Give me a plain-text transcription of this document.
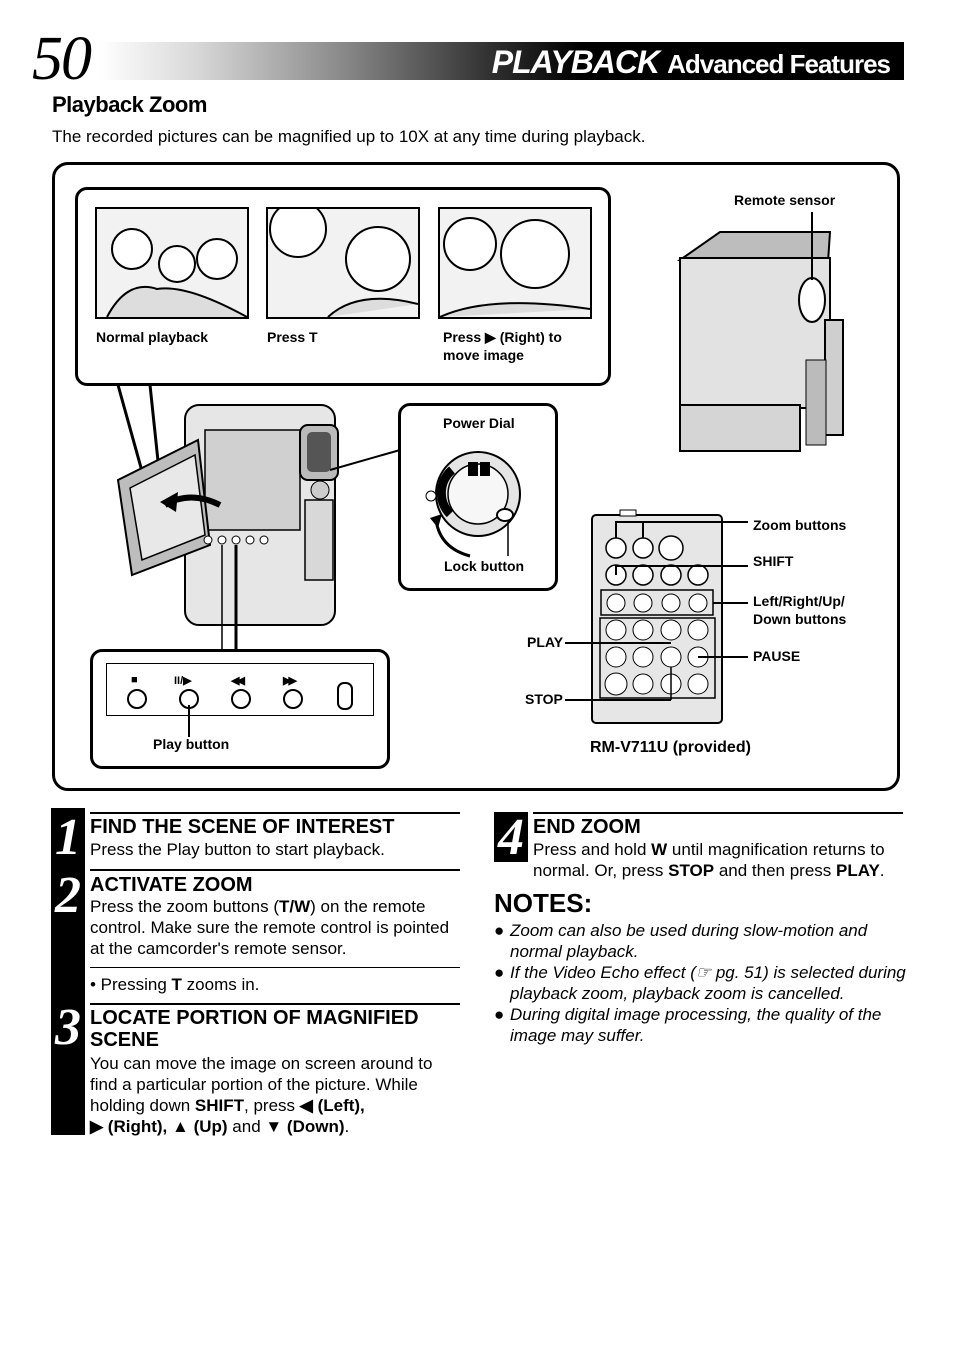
50	PLAYBACK Advanced Features
Playback Zoom
The recorded pictures can be magnified up to 10X at any time during playback.
Normal playback	Press T	Press ▶ (Right) to move image
Remote sensor
Power Dial
Lock button
■	II/▶	◀◀	▶▶
Play button
Zoom buttons
SHIFT
Left/Right/Up/ Down buttons
PLAY
PAUSE
STOP
RM-V711U (provided)
1
2
3
FIND THE SCENE OF INTEREST
Press the Play button to start playback.
ACTIVATE ZOOM
Press the zoom buttons (T/W) on the remote control. Make sure the remote control is pointed at the camcorder's remote sensor.
• Pressing T zooms in.
LOCATE PORTION OF MAGNIFIED SCENE
You can move the image on screen around to find a particular portion of the picture. While holding down SHIFT, press ◀ (Left),
▶ (Right), ▲ (Up) and ▼ (Down).
4 END ZOOM
Press and hold W until magnification returns to normal. Or, press STOP and then press PLAY.
NOTES:
● Zoom can also be used during slow-motion and normal playback.
● If the Video Echo effect (☞ pg. 51) is selected during playback zoom, playback zoom is cancelled.
● During digital image processing, the quality of the image may suffer.
